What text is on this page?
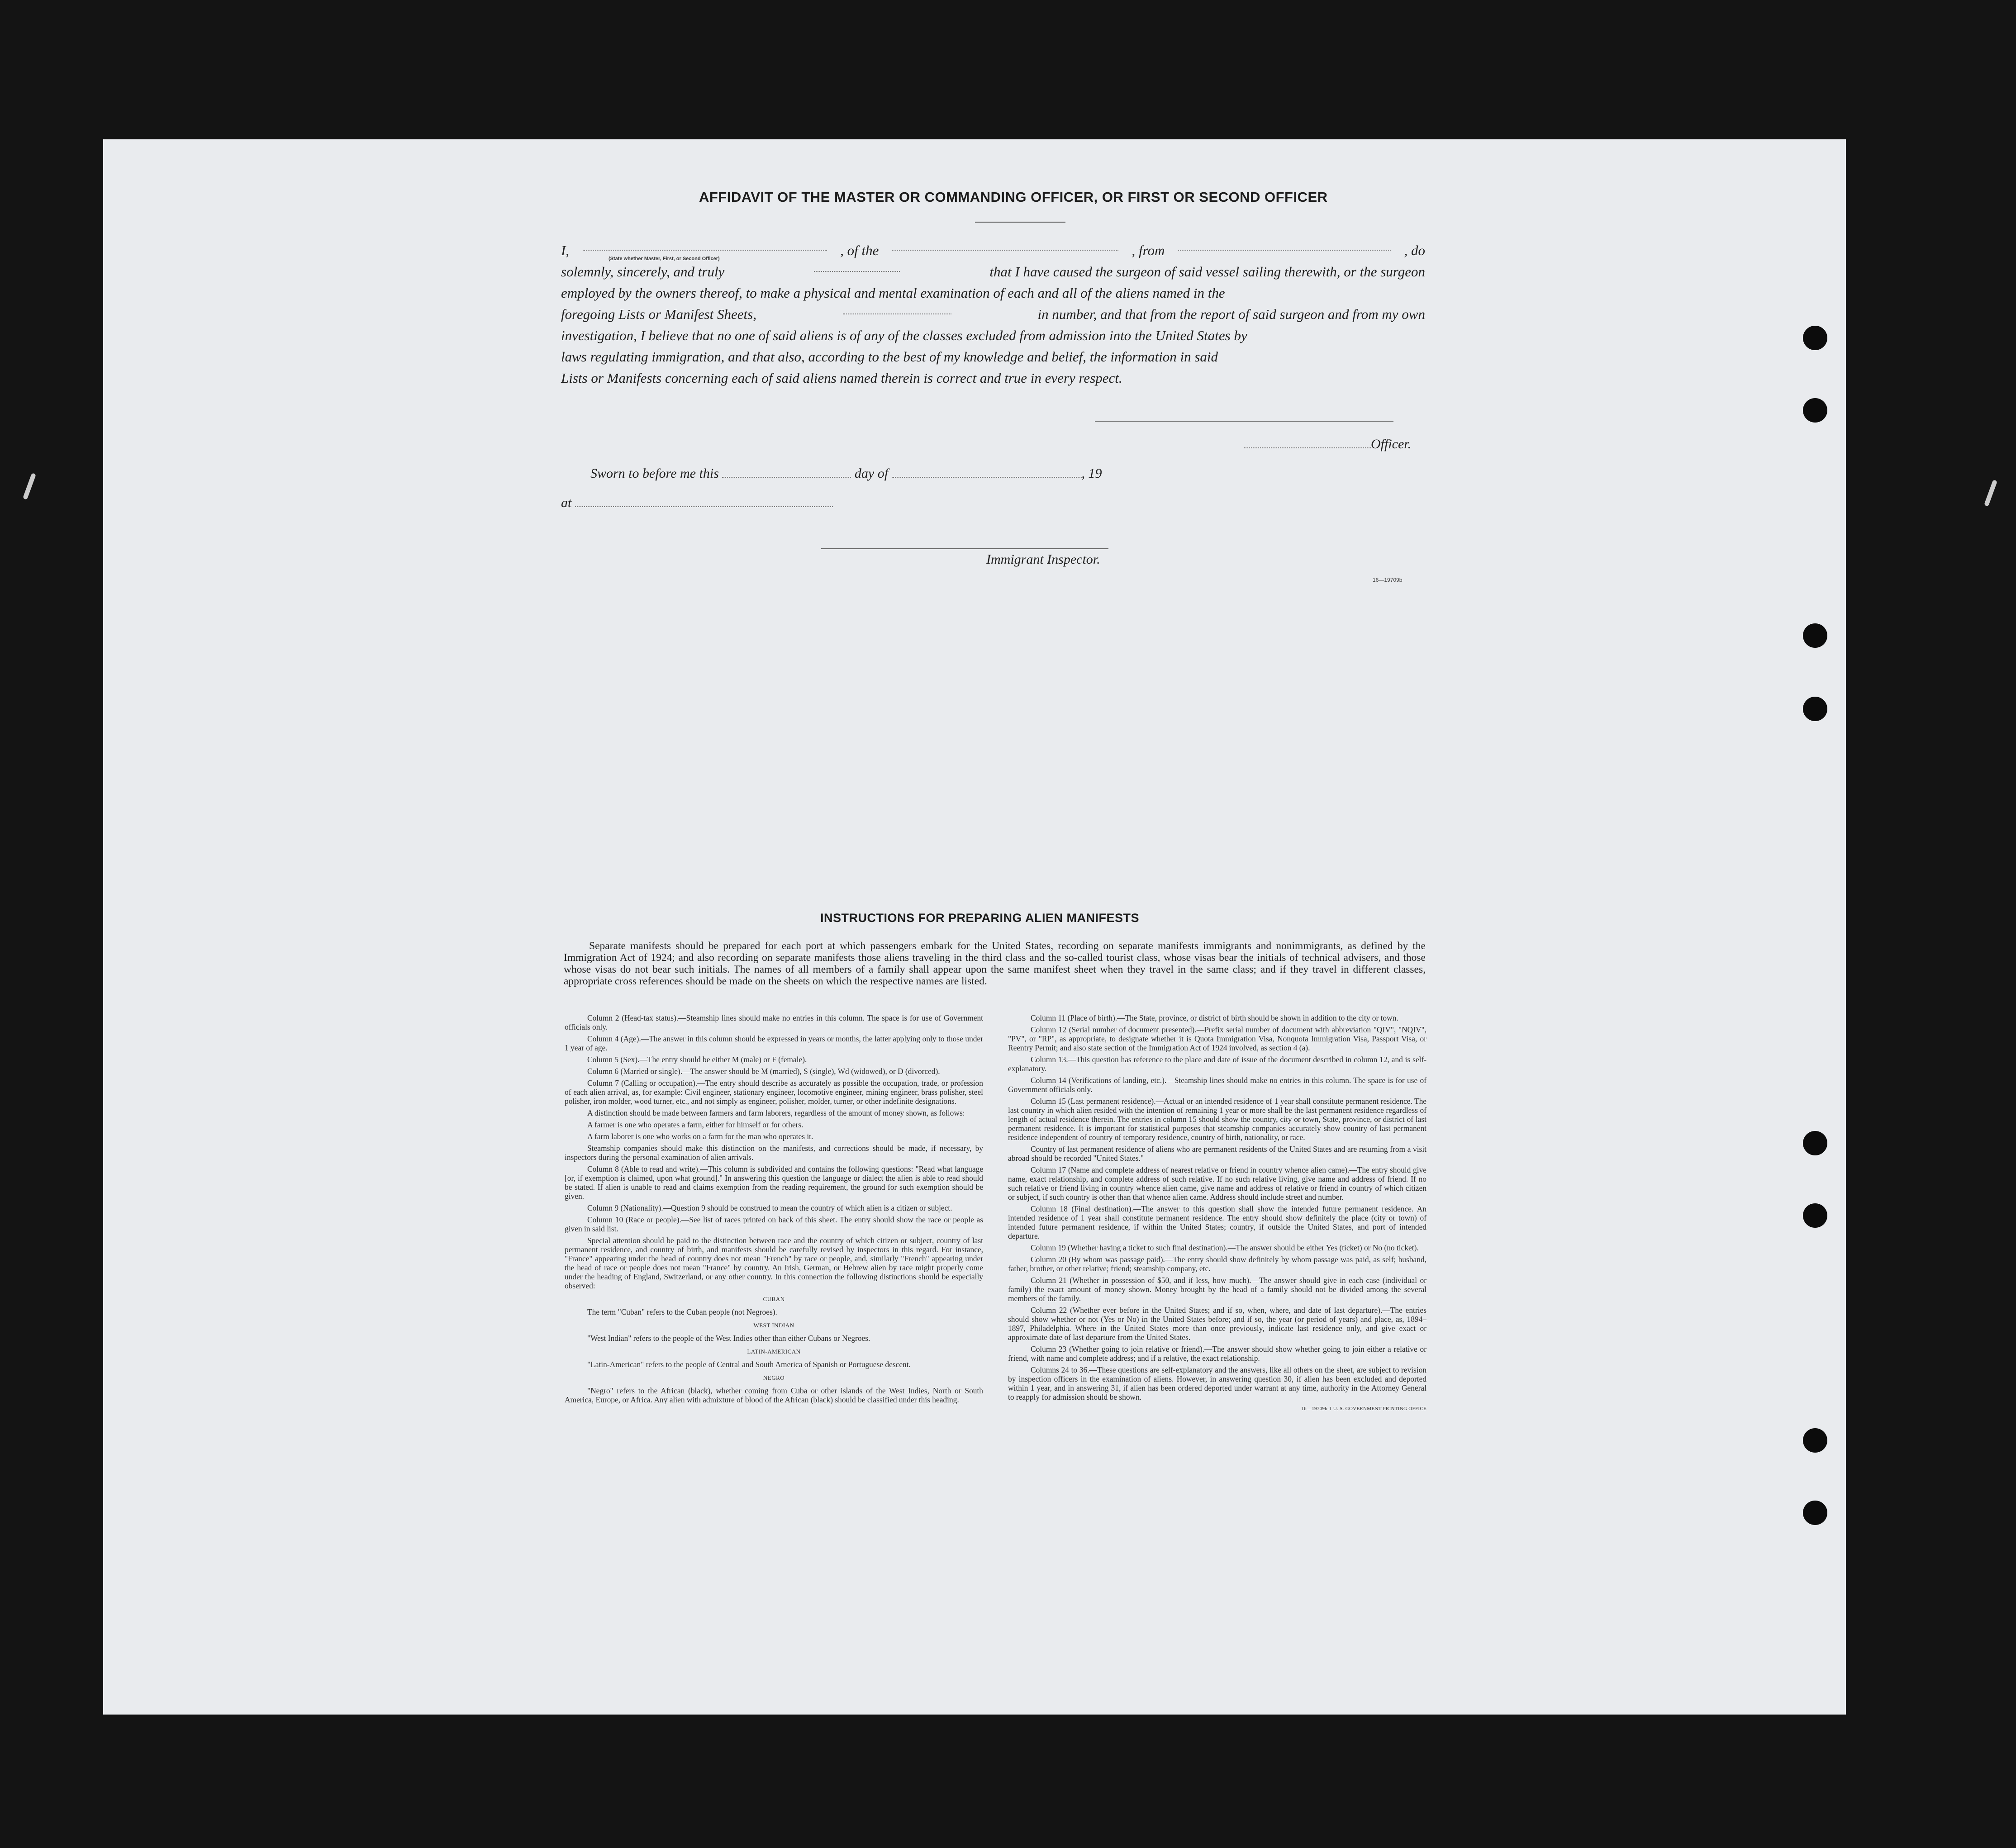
AFFIDAVIT OF THE MASTER OR COMMANDING OFFICER, OR FIRST OR SECOND OFFICER
I,	, of the	, from	, do
solemnly, sincerely, and truly	that I have caused the surgeon of said vessel sailing therewith, or the surgeon
employed by the owners thereof, to make a physical and mental examination of each and all of the aliens named in the
foregoing Lists or Manifest Sheets,	in number, and that from the report of said surgeon and from my own
investigation, I believe that no one of said aliens is of any of the classes excluded from admission into the United States by
laws regulating immigration, and that also, according to the best of my knowledge and belief, the information in said
Lists or Manifests concerning each of said aliens named therein is correct and true in every respect.
(State whether Master, First, or Second Officer)
Officer.
Sworn to before me this	day of	, 19
at
Immigrant Inspector.
16—19709b
INSTRUCTIONS FOR PREPARING ALIEN MANIFESTS
Separate manifests should be prepared for each port at which passengers embark for the United States, recording on separate manifests immigrants and nonimmigrants, as defined by the Immigration Act of 1924; and also recording on separate manifests those aliens traveling in the third class and the so-called tourist class, whose visas bear the initials of technical advisers, and those whose visas do not bear such initials. The names of all members of a family shall appear upon the same manifest sheet when they travel in the same class; and if they travel in different classes, appropriate cross references should be made on the sheets on which the respective names are listed.

Column 2 (Head-tax status).—Steamship lines should make no entries in this column. The space is for use of Government officials only.

Column 4 (Age).—The answer in this column should be expressed in years or months, the latter applying only to those under 1 year of age.

Column 5 (Sex).—The entry should be either M (male) or F (female).

Column 6 (Married or single).—The answer should be M (married), S (single), Wd (widowed), or D (divorced).

Column 7 (Calling or occupation).—The entry should describe as accurately as possible the occupation, trade, or profession of each alien arrival, as, for example: Civil engineer, stationary engineer, locomotive engineer, mining engineer, brass polisher, steel polisher, iron molder, wood turner, etc., and not simply as engineer, polisher, molder, turner, or other indefinite designations.

A distinction should be made between farmers and farm laborers, regardless of the amount of money shown, as follows:

A farmer is one who operates a farm, either for himself or for others.

A farm laborer is one who works on a farm for the man who operates it.

Steamship companies should make this distinction on the manifests, and corrections should be made, if necessary, by inspectors during the personal examination of alien arrivals.

Column 8 (Able to read and write).—This column is subdivided and contains the following questions: "Read what language [or, if exemption is claimed, upon what ground]." In answering this question the language or dialect the alien is able to read should be stated. If alien is unable to read and claims exemption from the reading requirement, the ground for such exemption should be given.

Column 9 (Nationality).—Question 9 should be construed to mean the country of which alien is a citizen or subject.

Column 10 (Race or people).—See list of races printed on back of this sheet. The entry should show the race or people as given in said list.

Special attention should be paid to the distinction between race and the country of which citizen or subject, country of last permanent residence, and country of birth, and manifests should be carefully revised by inspectors in this regard. For instance, "France" appearing under the head of country does not mean "French" by race or people, and, similarly "French" appearing under the head of race or people does not mean "France" by country. An Irish, German, or Hebrew alien by race might properly come under the heading of England, Switzerland, or any other country. In this connection the following distinctions should be especially observed:

CUBAN

The term "Cuban" refers to the Cuban people (not Negroes).

WEST INDIAN

"West Indian" refers to the people of the West Indies other than either Cubans or Negroes.

LATIN-AMERICAN

"Latin-American" refers to the people of Central and South America of Spanish or Portuguese descent.

NEGRO

"Negro" refers to the African (black), whether coming from Cuba or other islands of the West Indies, North or South America, Europe, or Africa. Any alien with admixture of blood of the African (black) should be classified under this heading.

Column 11 (Place of birth).—The State, province, or district of birth should be shown in addition to the city or town.

Column 12 (Serial number of document presented).—Prefix serial number of document with abbreviation "QIV", "NQIV", "PV", or "RP", as appropriate, to designate whether it is Quota Immigration Visa, Nonquota Immigration Visa, Passport Visa, or Reentry Permit; and also state section of the Immigration Act of 1924 involved, as section 4 (a).

Column 13.—This question has reference to the place and date of issue of the document described in column 12, and is self-explanatory.

Column 14 (Verifications of landing, etc.).—Steamship lines should make no entries in this column. The space is for use of Government officials only.

Column 15 (Last permanent residence).—Actual or an intended residence of 1 year shall constitute permanent residence. The last country in which alien resided with the intention of remaining 1 year or more shall be the last permanent residence regardless of length of actual residence therein. The entries in column 15 should show the country, city or town, State, province, or district of last permanent residence. It is important for statistical purposes that steamship companies accurately show country of last permanent residence independent of country of temporary residence, country of birth, nationality, or race.

Country of last permanent residence of aliens who are permanent residents of the United States and are returning from a visit abroad should be recorded "United States."

Column 17 (Name and complete address of nearest relative or friend in country whence alien came).—The entry should give name, exact relationship, and complete address of such relative. If no such relative living, give name and address of friend. If no such relative or friend living in country whence alien came, give name and address of relative or friend in country of which citizen or subject, if such country is other than that whence alien came. Address should include street and number.

Column 18 (Final destination).—The answer to this question shall show the intended future permanent residence. An intended residence of 1 year shall constitute permanent residence. The entry should show definitely the place (city or town) of intended future permanent residence, if within the United States; country, if outside the United States, and port of intended departure.

Column 19 (Whether having a ticket to such final destination).—The answer should be either Yes (ticket) or No (no ticket).

Column 20 (By whom was passage paid).—The entry should show definitely by whom passage was paid, as self; husband, father, brother, or other relative; friend; steamship company, etc.

Column 21 (Whether in possession of $50, and if less, how much).—The answer should give in each case (individual or family) the exact amount of money shown. Money brought by the head of a family should not be divided among the several members of the family.

Column 22 (Whether ever before in the United States; and if so, when, where, and date of last departure).—The entries should show whether or not (Yes or No) in the United States before; and if so, the year (or period of years) and place, as, 1894–1897, Philadelphia. Where in the United States more than once previously, indicate last residence only, and give exact or approximate date of last departure from the United States.

Column 23 (Whether going to join relative or friend).—The answer should show whether going to join either a relative or friend, with name and complete address; and if a relative, the exact relationship.

Columns 24 to 36.—These questions are self-explanatory and the answers, like all others on the sheet, are subject to revision by inspection officers in the examination of aliens. However, in answering question 30, if alien has been excluded and deported within 1 year, and in answering 31, if alien has been ordered deported under warrant at any time, authority in the Attorney General to reapply for admission should be shown.

16—19709b-1 U. S. GOVERNMENT PRINTING OFFICE
